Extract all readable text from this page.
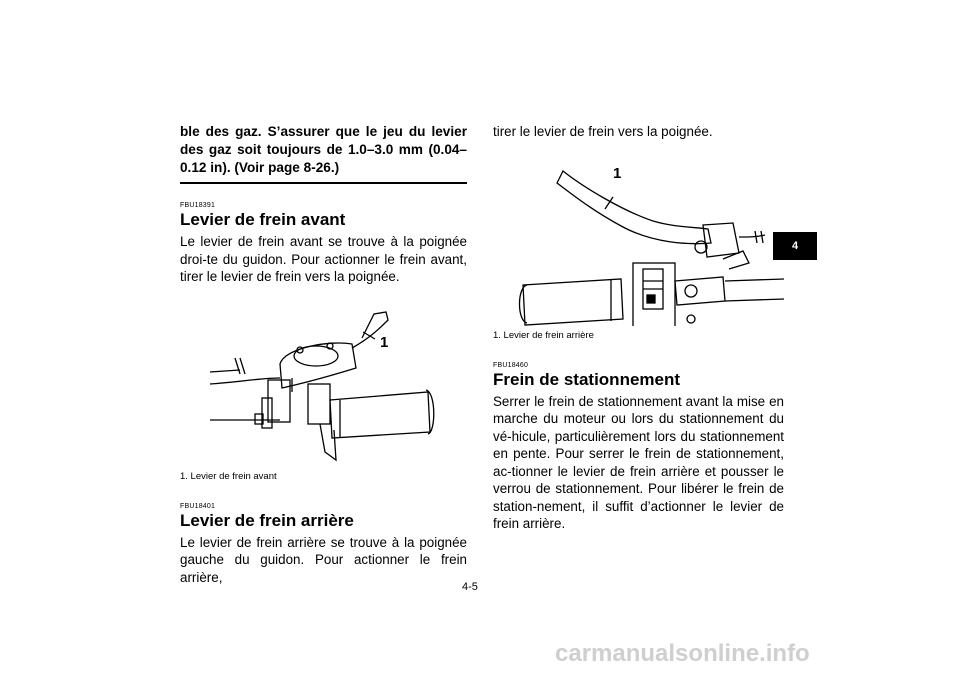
ble des gaz. S’assurer que le jeu du levier des gaz soit toujours de 1.0–3.0 mm (0.04–0.12 in). (Voir page 8-26.)
FBU18391
Levier de frein avant
Le levier de frein avant se trouve à la poignée droi-te du guidon. Pour actionner le frein avant, tirer le levier de frein vers la poignée.
1
1. Levier de frein avant
FBU18401
Levier de frein arrière
Le levier de frein arrière se trouve à la poignée gauche du guidon. Pour actionner le frein arrière,
tirer le levier de frein vers la poignée.
1
1. Levier de frein arrière
FBU18460
Frein de stationnement
Serrer le frein de stationnement avant la mise en marche du moteur ou lors du stationnement du vé-hicule, particulièrement lors du stationnement en pente. Pour serrer le frein de stationnement, ac-tionner le levier de frein arrière et pousser le verrou de stationnement. Pour libérer le frein de station-nement, il suffit d’actionner le levier de frein arrière.
4
4-5
carmanualsonline.info
